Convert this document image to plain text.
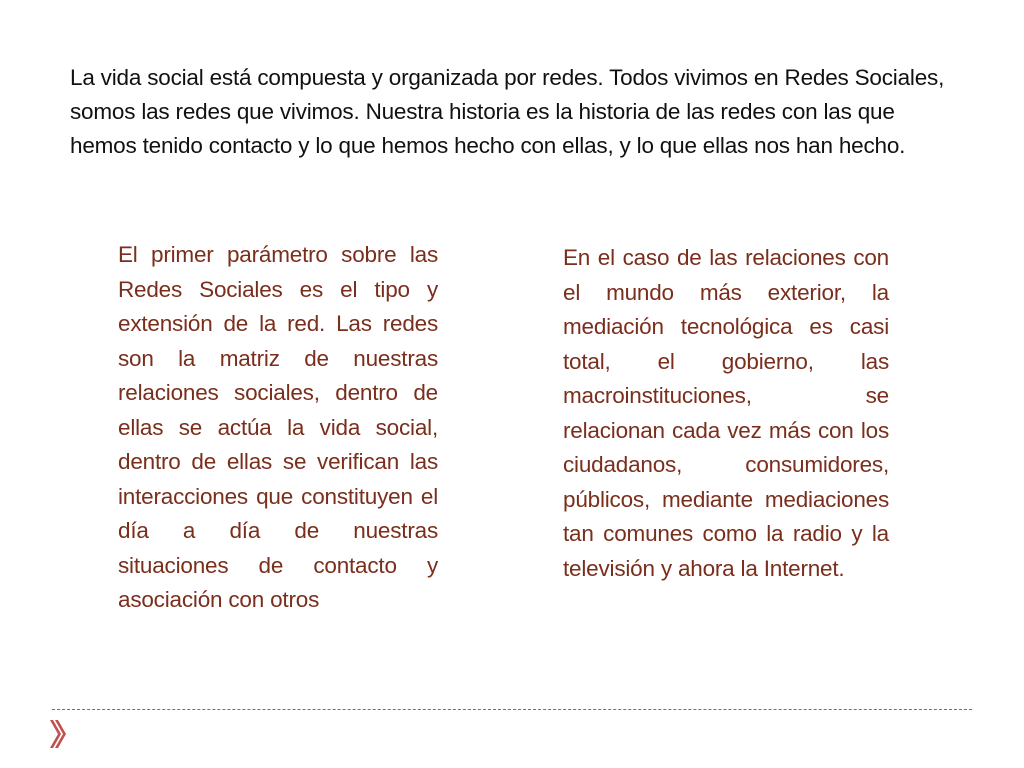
La vida social está compuesta y organizada por redes. Todos vivimos en Redes Sociales, somos las redes que vivimos. Nuestra historia es la historia de las redes con las que hemos tenido contacto y lo que hemos hecho con ellas, y lo que ellas nos han hecho.

El primer parámetro sobre las Redes Sociales es el tipo y extensión de la red. Las redes son la matriz de nuestras relaciones sociales, dentro de ellas se actúa la vida social, dentro de ellas se verifican las interacciones que constituyen el día a día de nuestras situaciones de contacto y asociación con otros

En el caso de las relaciones con el mundo más exterior, la mediación tecnológica es casi total, el gobierno, las macroinstituciones, se relacionan cada vez más con los ciudadanos, consumidores, públicos, mediante mediaciones tan comunes como la radio y la televisión y ahora la Internet.
